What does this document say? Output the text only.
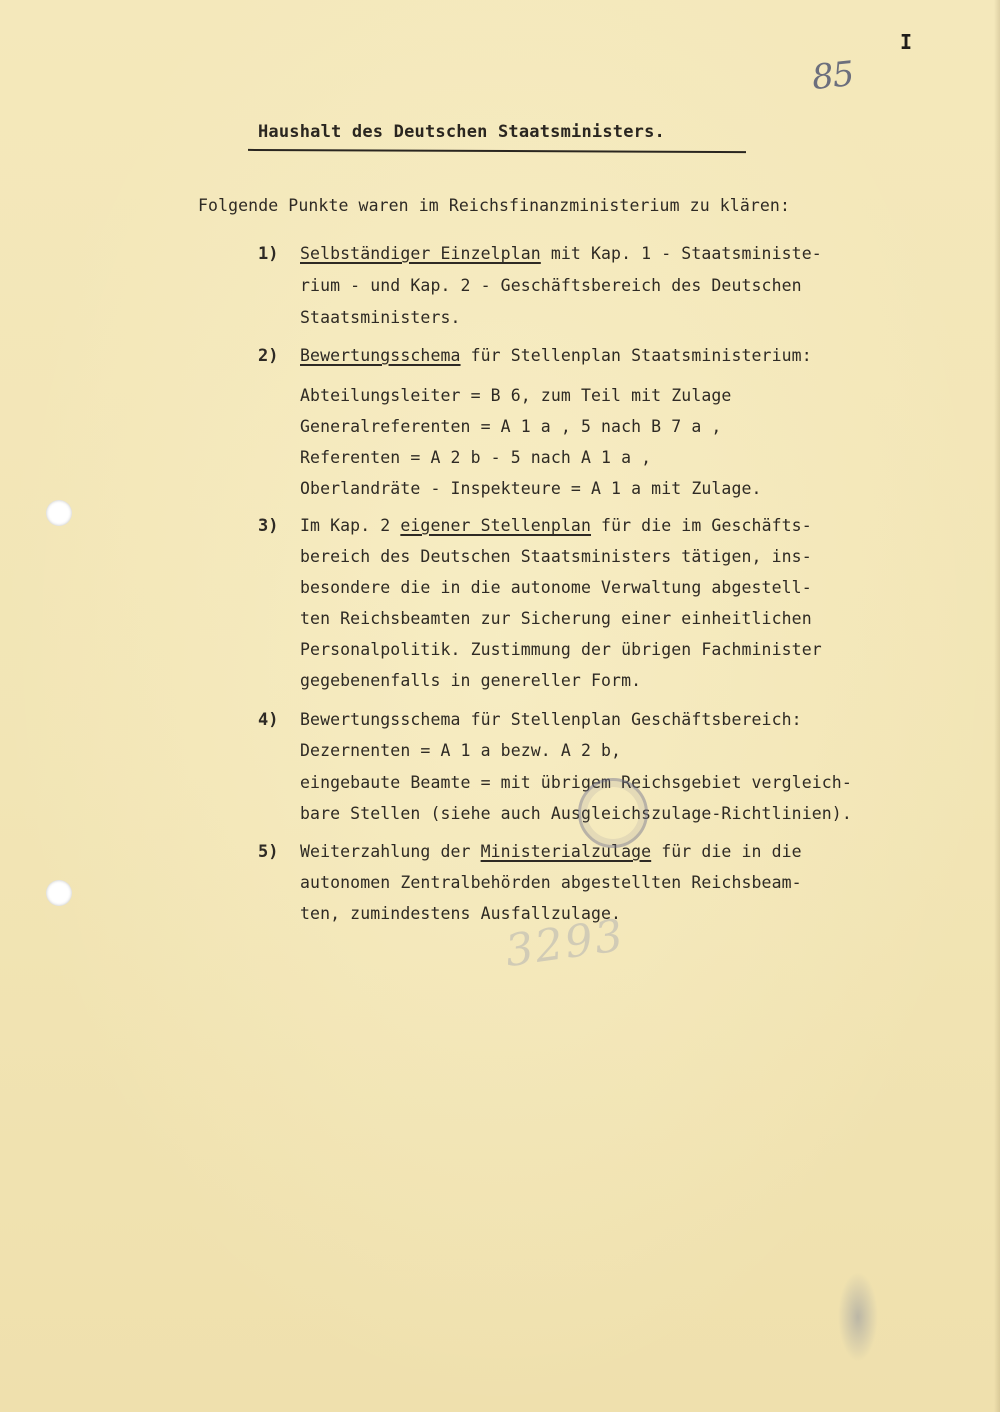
I
85
Haushalt des Deutschen Staatsministers.
Folgende Punkte waren im Reichsfinanzministerium zu klären:
1) Selbständiger Einzelplan mit Kap. 1 - Staatsministe-
rium - und Kap. 2 - Geschäftsbereich des Deutschen
Staatsministers.
2) Bewertungsschema für Stellenplan Staatsministerium:
Abteilungsleiter = B 6, zum Teil mit Zulage
Generalreferenten = A 1 a , 5 nach B 7 a ,
Referenten = A 2 b - 5 nach A 1 a ,
Oberlandräte - Inspekteure = A 1 a mit Zulage.
3) Im Kap. 2 eigener Stellenplan für die im Geschäfts-
bereich des Deutschen Staatsministers tätigen, ins-
besondere die in die autonome Verwaltung abgestell-
ten Reichsbeamten zur Sicherung einer einheitlichen
Personalpolitik. Zustimmung der übrigen Fachminister
gegebenenfalls in genereller Form.
4) Bewertungsschema für Stellenplan Geschäftsbereich:
Dezernenten = A 1 a bezw. A 2 b,
eingebaute Beamte = mit übrigem Reichsgebiet vergleich-
bare Stellen (siehe auch Ausgleichszulage-Richtlinien).
5) Weiterzahlung der Ministerialzulage für die in die
autonomen Zentralbehörden abgestellten Reichsbeam-
ten, zumindestens Ausfallzulage.
3293
